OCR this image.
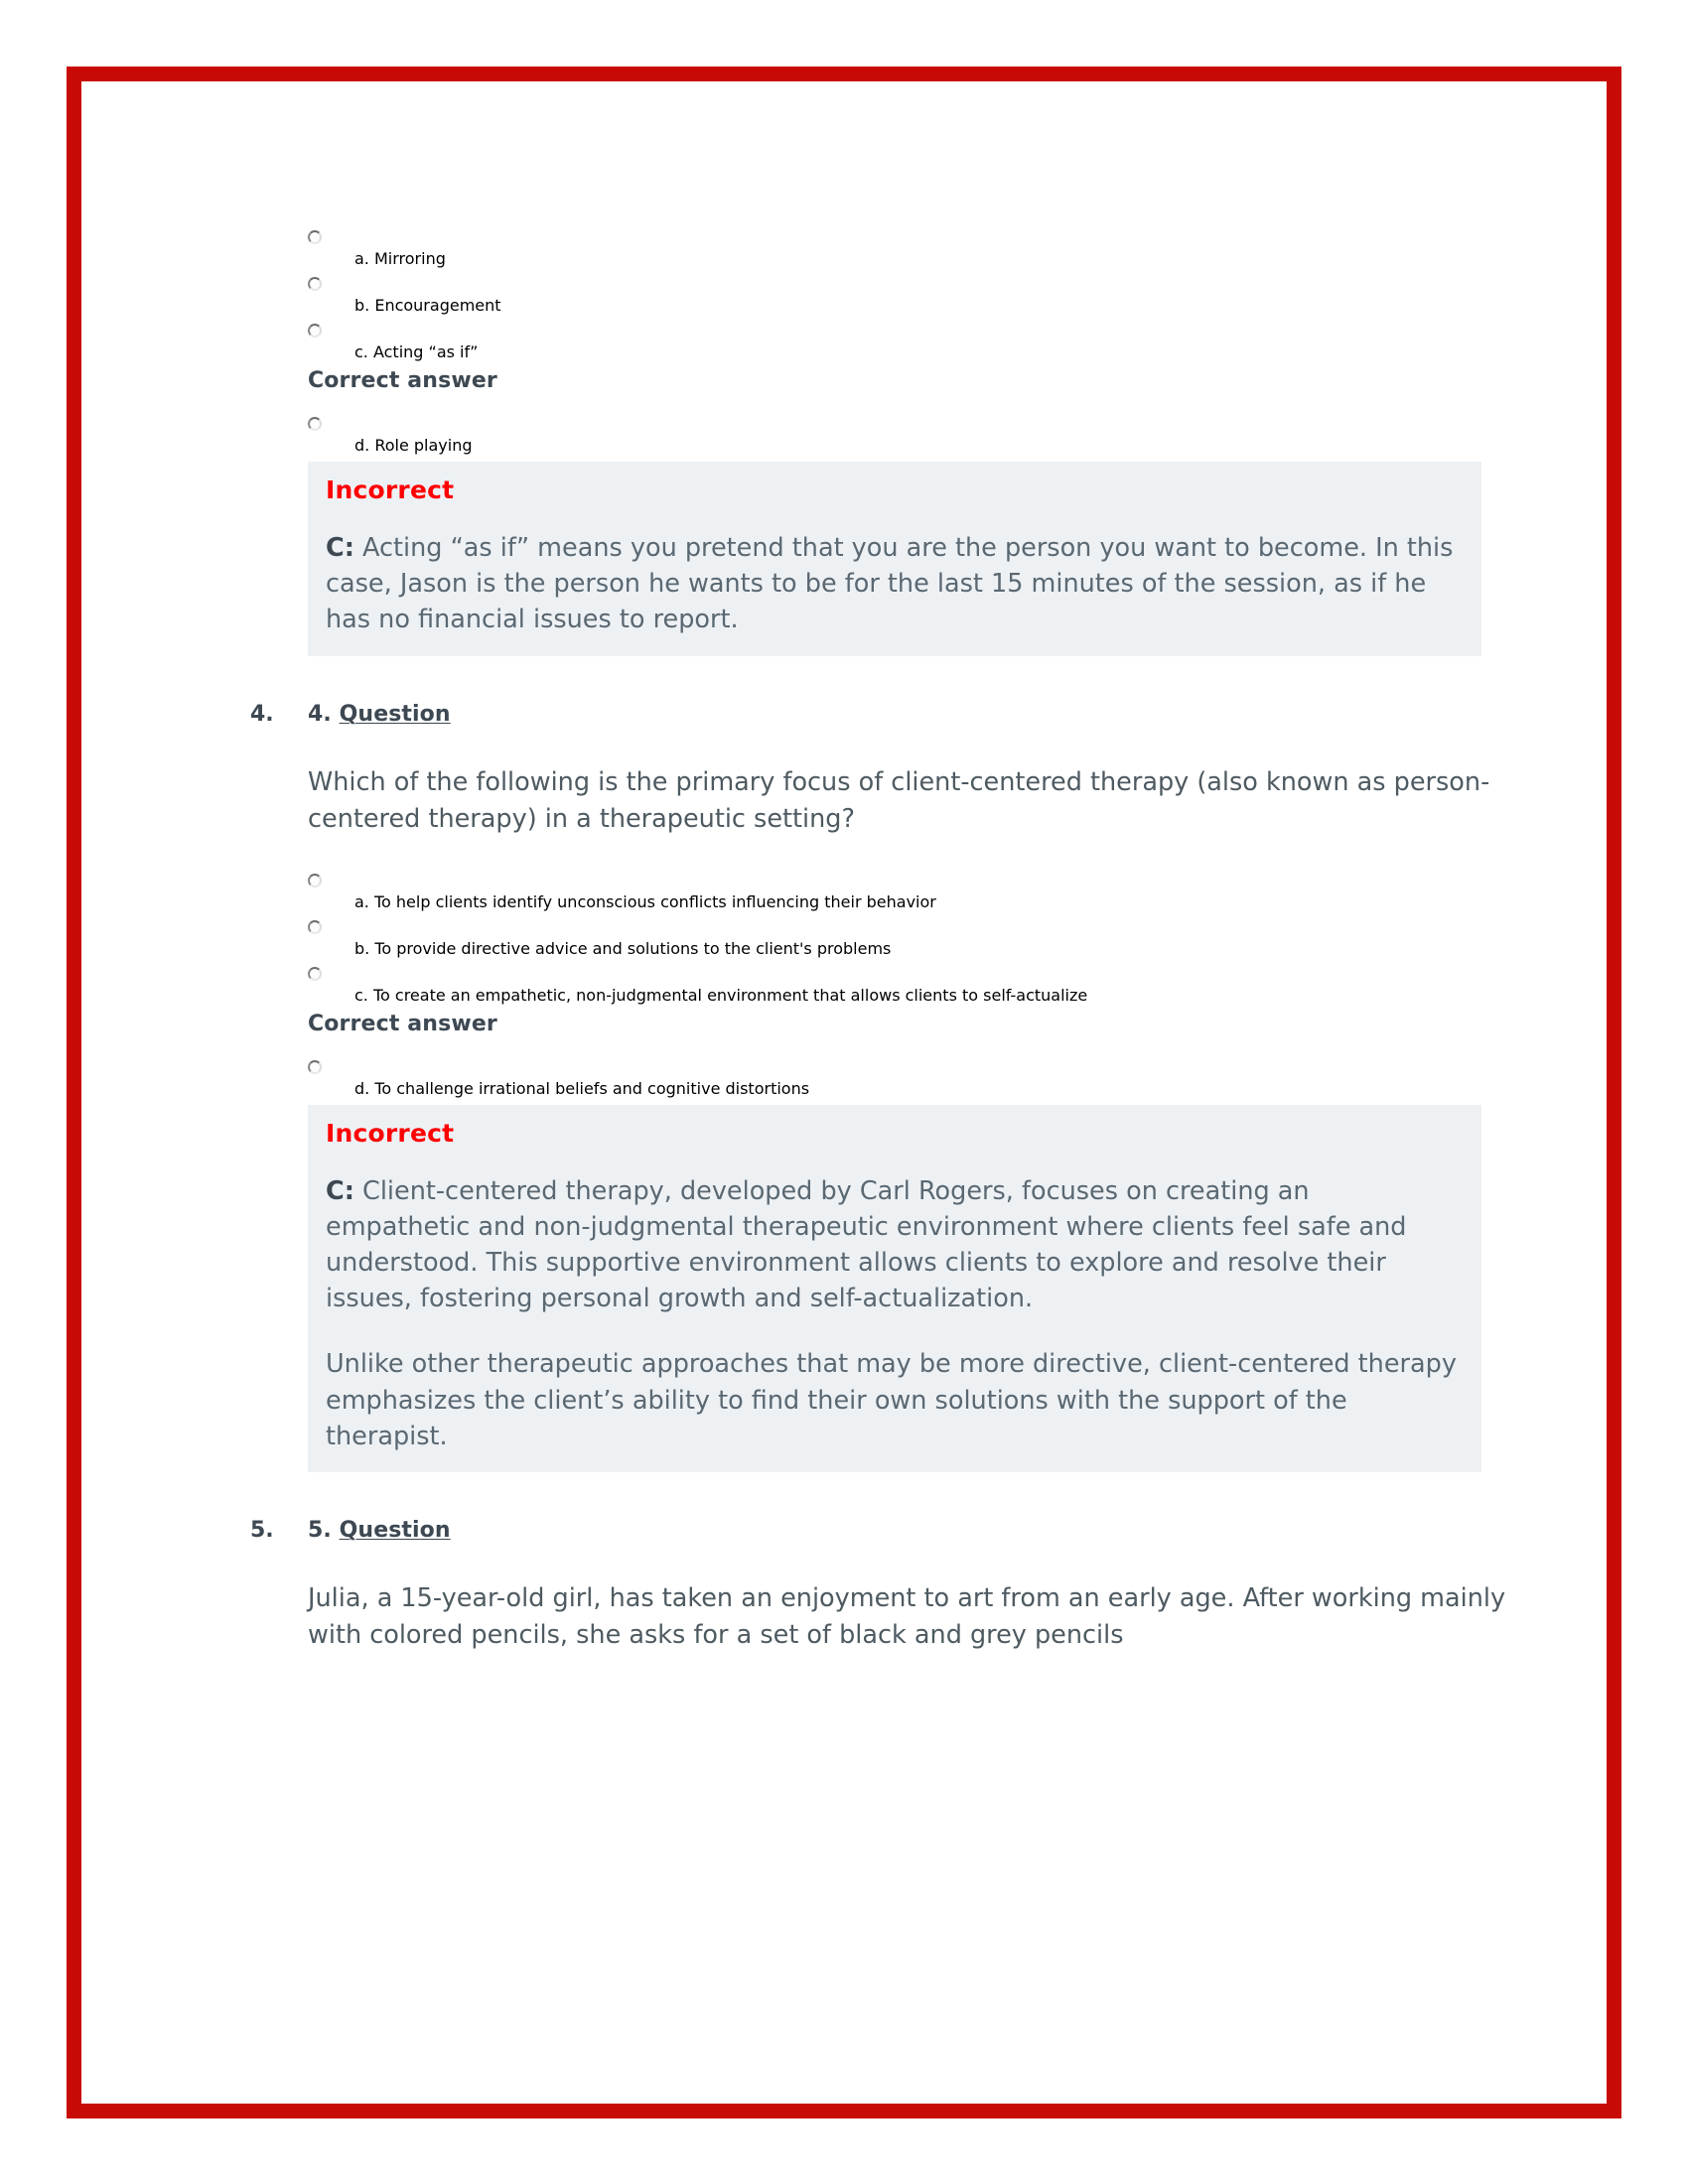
a. Mirroring
b. Encouragement
c. Acting “as if”
Correct answer
d. Role playing
Incorrect

C: Acting “as if” means you pretend that you are the person you want to become. In this case, Jason is the person he wants to be for the last 15 minutes of the session, as if he has no financial issues to report.

4. 4. Question

Which of the following is the primary focus of client-centered therapy (also known as person-centered therapy) in a therapeutic setting?

a. To help clients identify unconscious conflicts influencing their behavior
b. To provide directive advice and solutions to the client's problems
c. To create an empathetic, non-judgmental environment that allows clients to self-actualize
Correct answer
d. To challenge irrational beliefs and cognitive distortions
Incorrect

C: Client-centered therapy, developed by Carl Rogers, focuses on creating an empathetic and non-judgmental therapeutic environment where clients feel safe and understood. This supportive environment allows clients to explore and resolve their issues, fostering personal growth and self-actualization.

Unlike other therapeutic approaches that may be more directive, client-centered therapy emphasizes the client’s ability to find their own solutions with the support of the therapist.

5. 5. Question

Julia, a 15-year-old girl, has taken an enjoyment to art from an early age. After working mainly with colored pencils, she asks for a set of black and grey pencils
